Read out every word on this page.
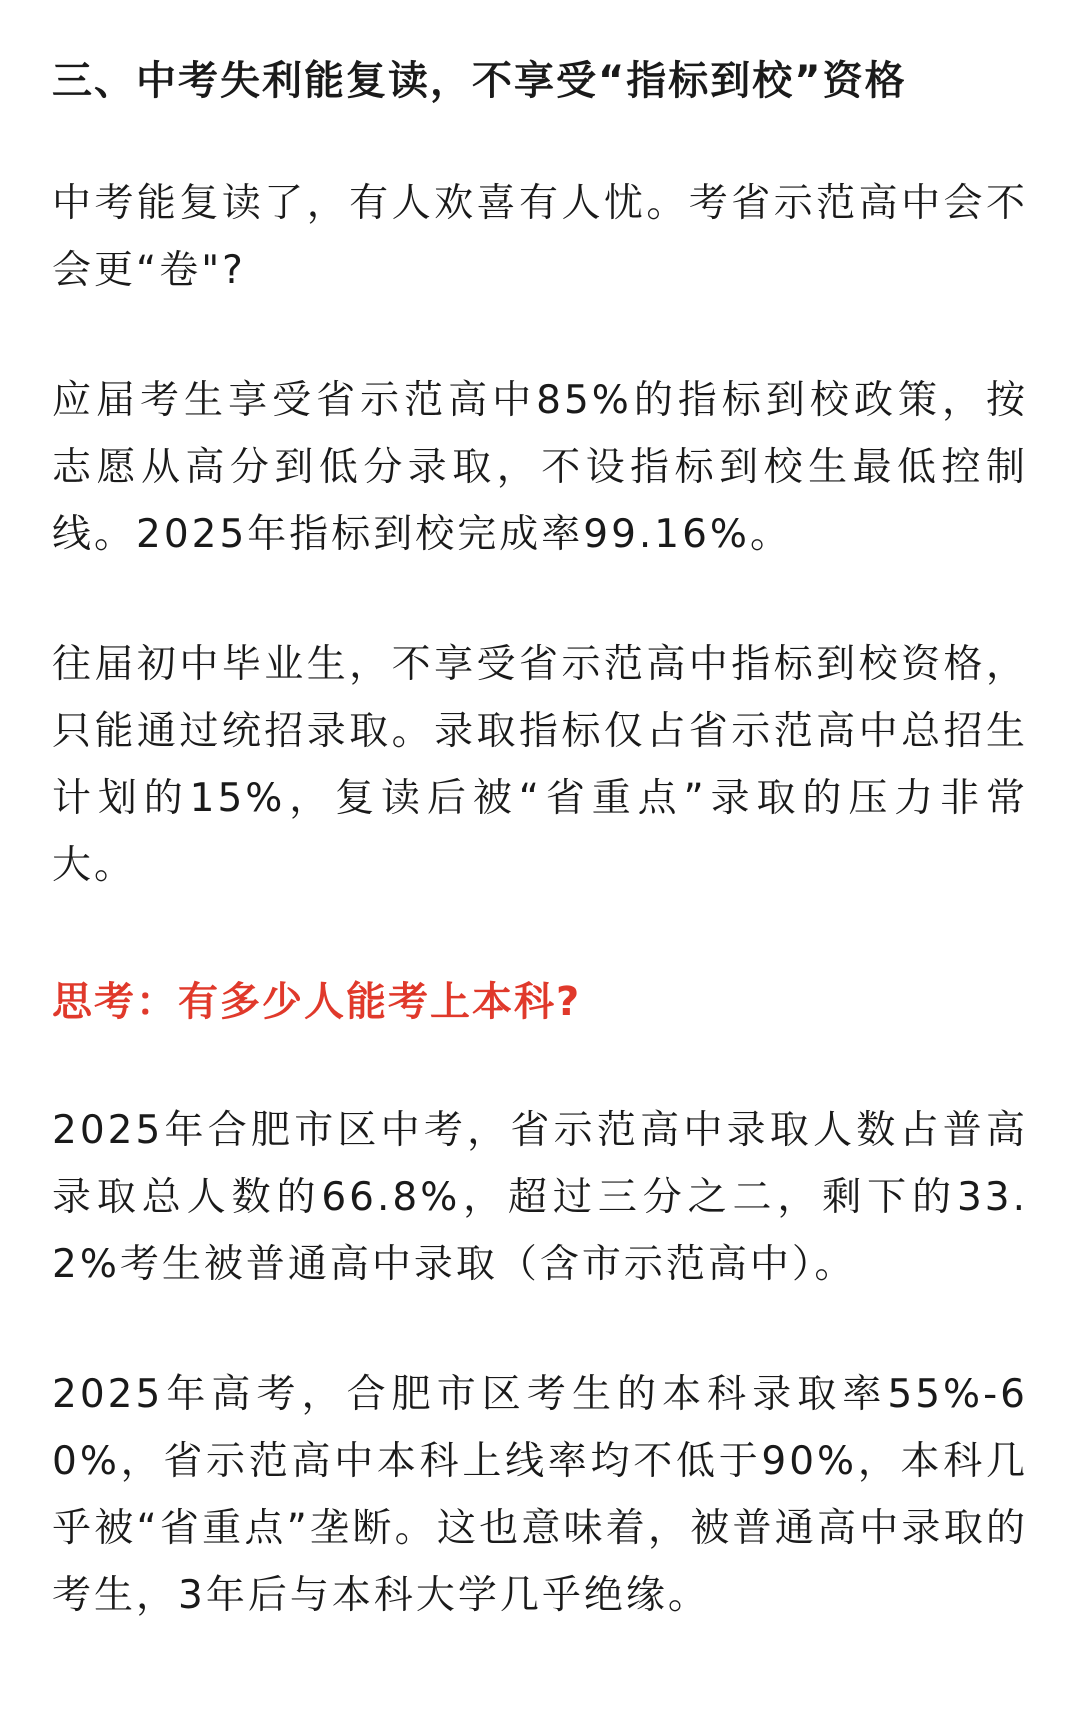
三、中考失利能复读，不享受“指标到校”资格

中考能复读了，有人欢喜有人忧。考省示范高中会不会更“卷"?

应届考生享受省示范高中85%的指标到校政策，按志愿从高分到低分录取，不设指标到校生最低控制线。2025年指标到校完成率99.16%。

往届初中毕业生，不享受省示范高中指标到校资格，只能通过统招录取。录取指标仅占省示范高中总招生计划的15%，复读后被“省重点”录取的压力非常大。

思考：有多少人能考上本科?

2025年合肥市区中考，省示范高中录取人数占普高录取总人数的66.8%，超过三分之二，剩下的33.2%考生被普通高中录取（含市示范高中）。

2025年高考，合肥市区考生的本科录取率55%-60%，省示范高中本科上线率均不低于90%，本科几乎被“省重点”垄断。这也意味着，被普通高中录取的考生，3年后与本科大学几乎绝缘。
